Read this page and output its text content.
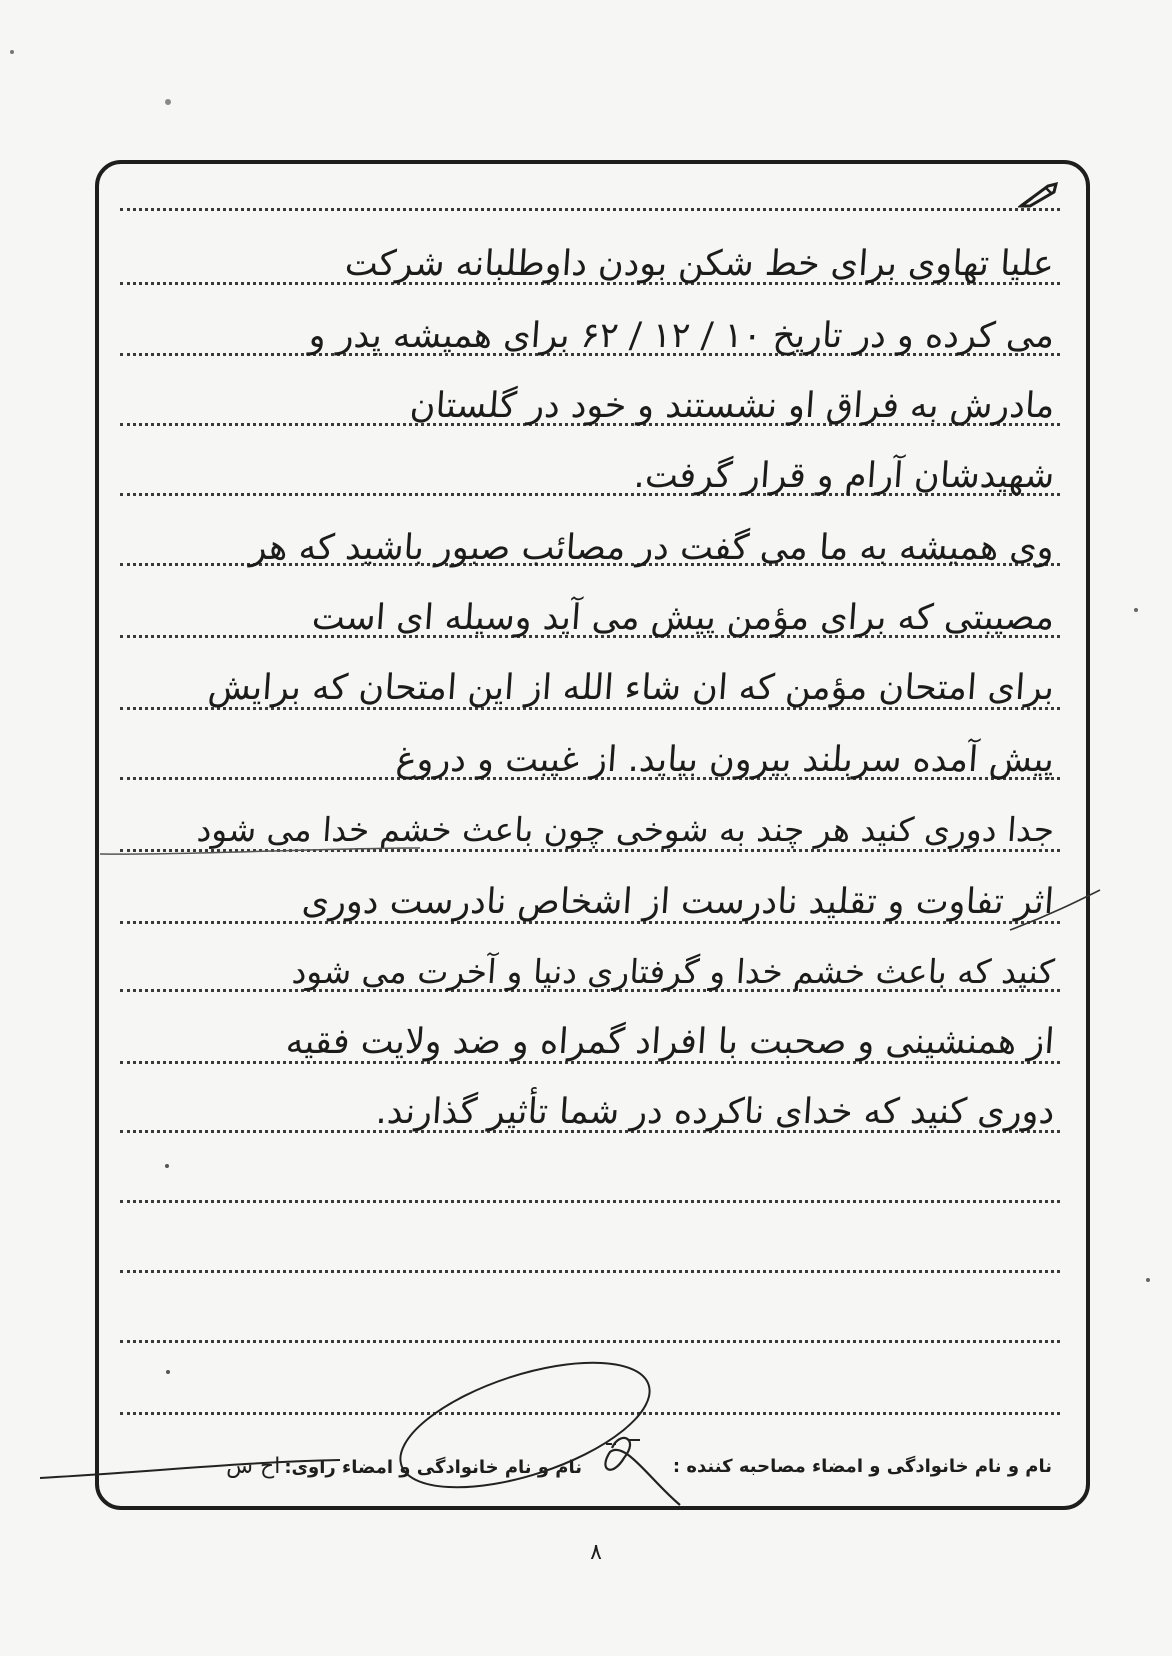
علیا تهاوی برای خط شکن بودن داوطلبانه شرکت
می کرده و در تاریخ ۱۰ / ۱۲ / ۶۲ برای همیشه پدر و
مادرش به فراق او نشستند و خود در گلستان
شهیدشان آرام و قرار گرفت.
وی همیشه به ما می گفت در مصائب صبور باشید که هر
مصیبتی که برای مؤمن پیش می آید وسیله ای است
برای امتحان مؤمن که ان شاء الله از این امتحان که برایش
پیش آمده سربلند بیرون بیاید. از غیبت و دروغ
جدا دوری کنید هر چند به شوخی چون باعث خشم خدا می شود
اثر تفاوت و تقلید نادرست از اشخاص نادرست دوری
کنید که باعث خشم خدا و گرفتاری دنیا و آخرت می شود
از همنشینی و صحبت با افراد گمراه و ضد ولایت فقیه
دوری کنید که خدای ناکرده در شما تأثیر گذارند.
نام و نام خانوادگی و امضاء مصاحبه کننده :
نام و نام خانوادگی و امضاء راوی:اح س
۸
